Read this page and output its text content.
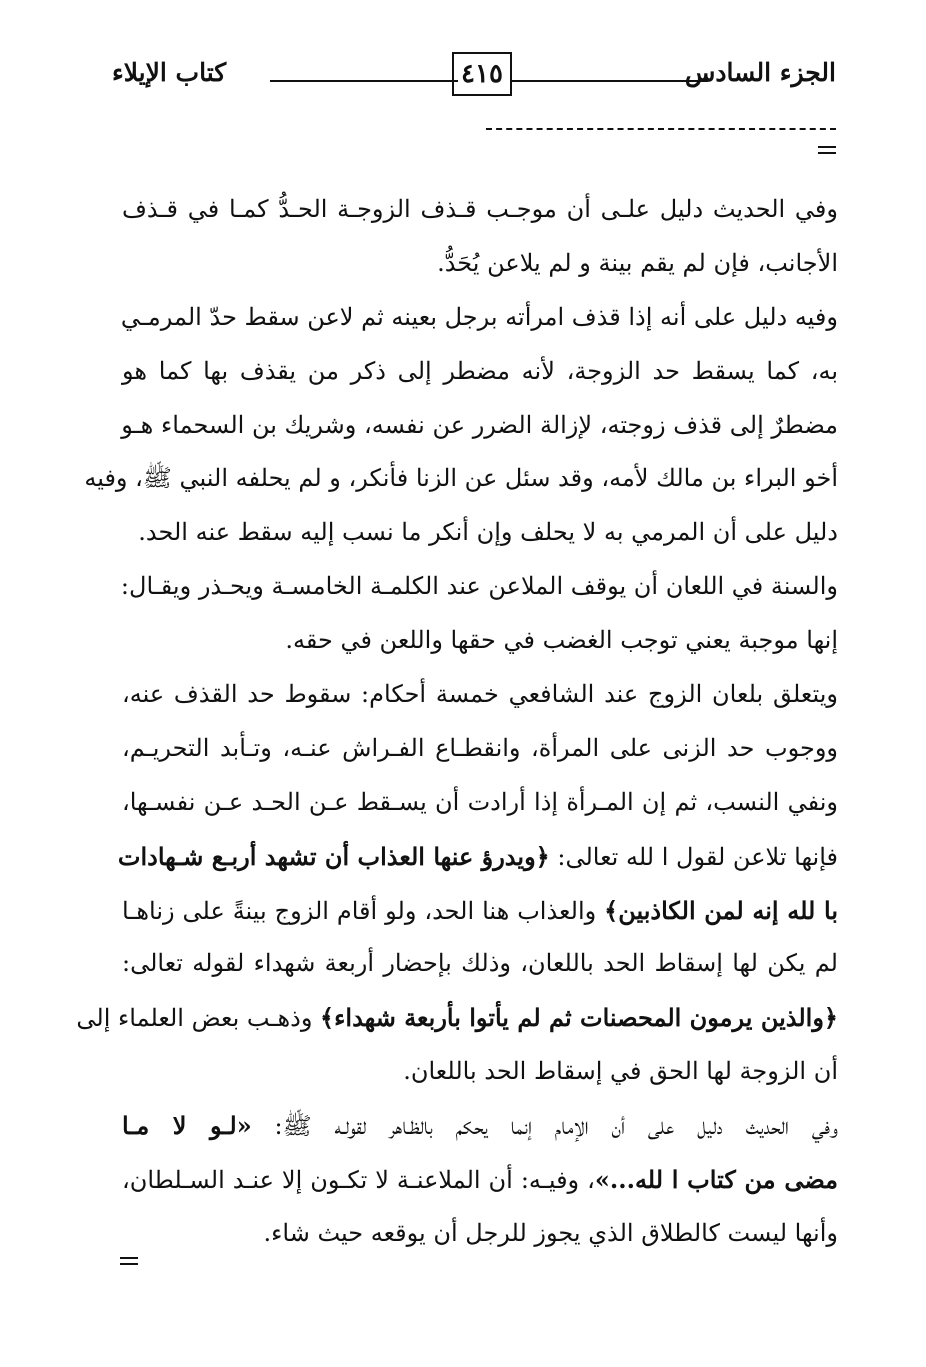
الجزء السادس
٤١٥
كتاب الإيلاء
وفي الحديث دليل علـى أن موجـب قـذف الزوجـة الحـدُّ كمـا في قـذف
الأجانب، فإن لم يقم بينة و لم يلاعن يُحَدُّ.
وفيه دليل على أنه إذا قذف امرأته برجل بعينه ثم لاعن سقط حدّ المرمـي
به، كما يسقط حد الزوجة، لأنه مضطر إلى ذكر من يقذف بها كما هو
مضطرٌ إلى قذف زوجته، لإزالة الضرر عن نفسه، وشريك بن السحماء هـو
أخو البراء بن مالك لأمه، وقد سئل عن الزنا فأنكر، و لم يحلفه النبي ﷺ، وفيه
دليل على أن المرمي به لا يحلف وإن أنكر ما نسب إليه سقط عنه الحد.
والسنة في اللعان أن يوقف الملاعن عند الكلمـة الخامسـة ويحـذر ويقـال:
إنها موجبة يعني توجب الغضب في حقها واللعن في حقه.
ويتعلق بلعان الزوج عند الشافعي خمسة أحكام: سقوط حد القذف عنه،
ووجوب حد الزنى على المرأة، وانقطـاع الفـراش عنـه، وتـأبد التحريـم،
ونفي النسب، ثم إن المـرأة إذا أرادت أن يسـقط عـن الحـد عـن نفسـها،
فإنها تلاعن لقول ا لله تعالى: ﴿ويدرؤ عنها العذاب أن تشهد أربـع شـهادات
با لله إنه لمن الكاذبين﴾ والعذاب هنا الحد، ولو أقام الزوج بينةً على زناهـا
لم يكن لها إسقاط الحد باللعان، وذلك بإحضار أربعة شهداء لقوله تعالى:
﴿والذين يرمون المحصنات ثم لم يأتوا بأربعة شهداء﴾ وذهـب بعض العلماء إلى
أن الزوجة لها الحق في إسقاط الحد باللعان.
وفي الحديث دليل على أن الإمام إنما يحكم بالظـاهر لقولـه ﷺ: «لـو لا مـا
مضى من كتاب ا لله...»، وفيـه: أن الملاعنـة لا تكـون إلا عنـد السـلطان،
وأنها ليست كالطلاق الذي يجوز للرجل أن يوقعه حيث شاء.
